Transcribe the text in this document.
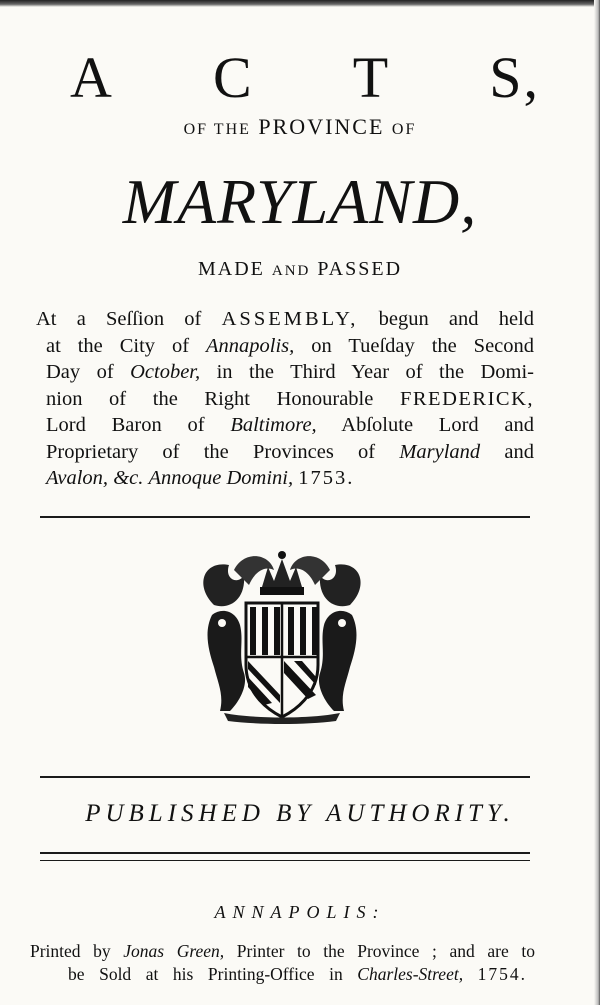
A C T S,
OF THE PROVINCE OF
MARYLAND,
MADE AND PASSED
At a Seſſion of ASSEMBLY, begun and held
at the City of Annapolis, on Tueſday the Second
Day of October, in the Third Year of the Domi-
nion of the Right Honourable FREDERICK,
Lord Baron of Baltimore, Abſolute Lord and
Proprietary of the Provinces of Maryland and
Avalon, &c. Annoque Domini, 1753.
PUBLISHED BY AUTHORITY.
ANNAPOLIS:
Printed by Jonas Green, Printer to the Province ; and are to
be Sold at his Printing-Office in Charles-Street, 1754.
